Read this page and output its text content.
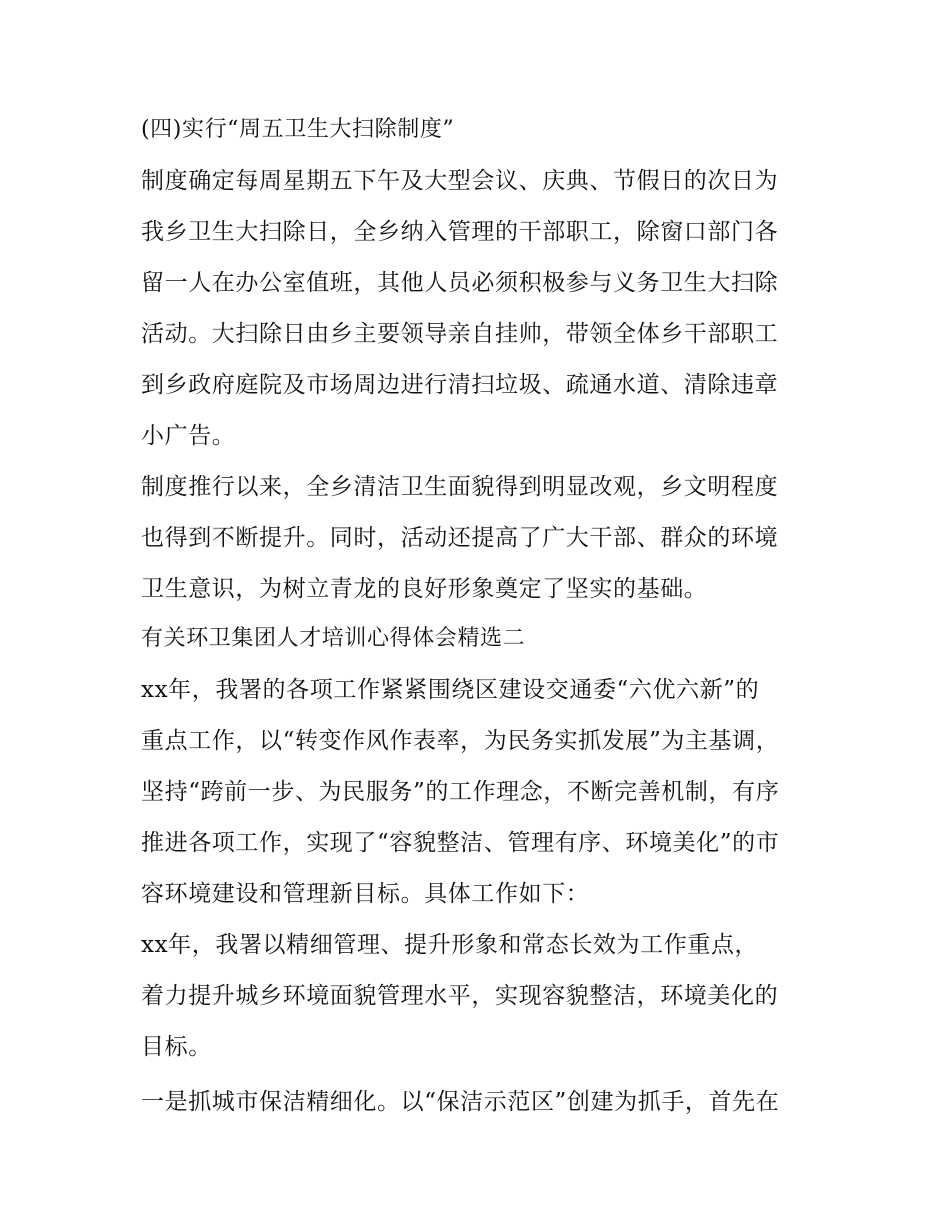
(四)实行“周五卫生大扫除制度”
制度确定每周星期五下午及大型会议、庆典、节假日的次日为
我乡卫生大扫除日，全乡纳入管理的干部职工，除窗口部门各
留一人在办公室值班，其他人员必须积极参与义务卫生大扫除
活动。大扫除日由乡主要领导亲自挂帅，带领全体乡干部职工
到乡政府庭院及市场周边进行清扫垃圾、疏通水道、清除违章
小广告。
制度推行以来，全乡清洁卫生面貌得到明显改观，乡文明程度
也得到不断提升。同时，活动还提高了广大干部、群众的环境
卫生意识，为树立青龙的良好形象奠定了坚实的基础。
有关环卫集团人才培训心得体会精选二
xx年，我署的各项工作紧紧围绕区建设交通委“六优六新”的
重点工作，以“转变作风作表率，为民务实抓发展”为主基调，
坚持“跨前一步、为民服务”的工作理念，不断完善机制，有序
推进各项工作，实现了“容貌整洁、管理有序、环境美化”的市
容环境建设和管理新目标。具体工作如下：
xx年，我署以精细管理、提升形象和常态长效为工作重点，
着力提升城乡环境面貌管理水平，实现容貌整洁，环境美化的
目标。
一是抓城市保洁精细化。以“保洁示范区”创建为抓手，首先在
